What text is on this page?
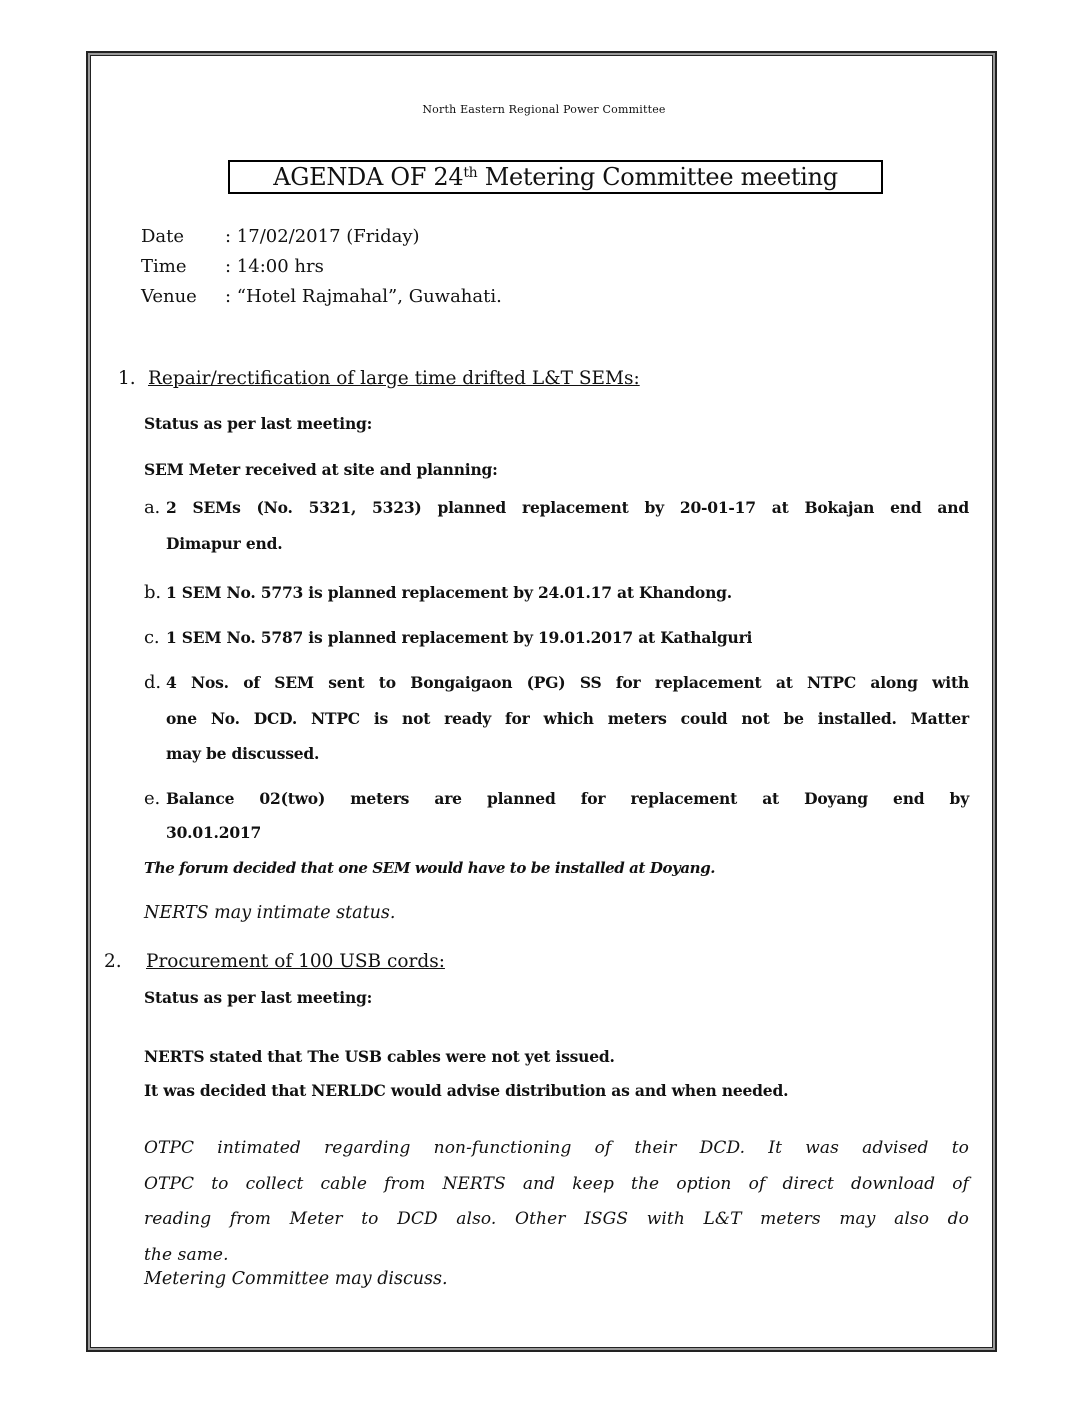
North Eastern Regional Power Committee
AGENDA OF 24th Metering Committee meeting
Date : 17/02/2017 (Friday)
Time : 14:00 hrs
Venue : “Hotel Rajmahal”, Guwahati.
1. Repair/rectification of large time drifted L&T SEMs:
Status as per last meeting:
SEM Meter received at site and planning:
a. 2 SEMs (No. 5321, 5323) planned replacement by 20-01-17 at Bokajan end and
Dimapur end.
b. 1 SEM No. 5773 is planned replacement by 24.01.17 at Khandong.
c. 1 SEM No. 5787 is planned replacement by 19.01.2017 at Kathalguri
d. 4 Nos. of SEM sent to Bongaigaon (PG) SS for replacement at NTPC along with
one No. DCD. NTPC is not ready for which meters could not be installed. Matter
may be discussed.
e. Balance 02(two) meters are planned for replacement at Doyang end by
30.01.2017
The forum decided that one SEM would have to be installed at Doyang.
NERTS may intimate status.
2. Procurement of 100 USB cords:
Status as per last meeting:
NERTS stated that The USB cables were not yet issued.
It was decided that NERLDC would advise distribution as and when needed.
OTPC intimated regarding non-functioning of their DCD. It was advised to
OTPC to collect cable from NERTS and keep the option of direct download of
reading from Meter to DCD also. Other ISGS with L&T meters may also do
the same.
Metering Committee may discuss.
